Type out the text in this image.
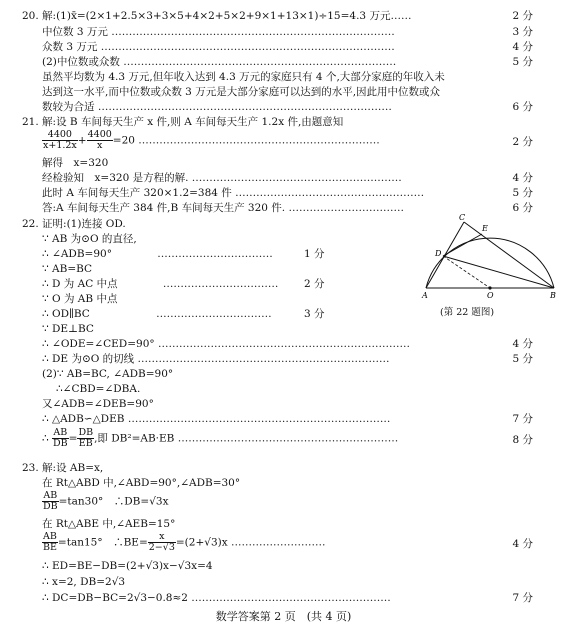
20. 解:(1)x̄=(2×1+2.5×3+3×5+4×2+5×2+9×1+13×1)÷15=4.3 万元……	2 分
中位数 3 万元 ………………………………………………………………………	3 分
众数 3 万元 …………………………………………………………………………	4 分
(2)中位数或众数 ……………………………………………………………………	5 分
虽然平均数为 4.3 万元,但年收入达到 4.3 万元的家庭只有 4 个,大部分家庭的年收入未
达到这一水平,而中位数或众数 3 万元是大部分家庭可以达到的水平,因此用中位数或众
数较为合适 …………………………………………………………………………	6 分
21. 解:设 B 车间每天生产 x 件,则 A 车间每天生产 1.2x 件,由题意知
$\frac{4400}{x+1.2x} + \frac{4400}{x} =20$ ……………………………………………………………	2 分
解得　x=320
经检验知　x=320 是方程的解. ……………………………………………………	4 分
此时 A 车间每天生产 320×1.2=384 件 ………………………………………………	5 分
答:A 车间每天生产 384 件,B 车间每天生产 320 件. ……………………………	6 分
22. 证明:(1)连接 OD.
∵ AB 为⊙O 的直径,
∴ ∠ADB=90°　　　　 ……………………………	1 分
∵ AB=BC
∴ D 为 AC 中点　　　　 …………………………… 2 分
∵ O 为 AB 中点
∴ OD∥BC　　　　　　 ……………………………	3 分
∵ DE⊥BC
∴ ∠ODE=∠CED=90° ………………………………………………………………	4 分
∴ DE 为⊙O 的切线 ………………………………………………………………	5 分
(2)∵ AB=BC, ∠ADB=90°
∴∠CBD=∠DBA.
又∠ADB=∠DEB=90°
∴ △ADB∽△DEB …………………………………………………………………	7 分
∴ $\frac{AB}{DB} = \frac{DB}{EB}$ ,即 DB²=AB·EB ………………………………………………………	8 分
C
E
D
A	O	B
(第 22 题图)
23. 解:设 AB=x,
在 Rt△ABD 中,∠ABD=90°,∠ADB=30°
$\frac{AB}{DB} =\tan 30^\circ$　∴DB=√3x
在 Rt△ABE 中,∠AEB=15°
$\frac{AB}{BE} =\tan 15^\circ$　∴BE= $\frac{x}{2-√3} =(2+√3)x$ ………………………	4 分
∴ ED=BE−DB=(2+√3)x−√3x=4
∴ x=2, DB=2√3
∴ DC=DB−BC=2√3−0.8≈2 …………………………………………………	7 分
数学答案第 2 页　(共 4 页)
